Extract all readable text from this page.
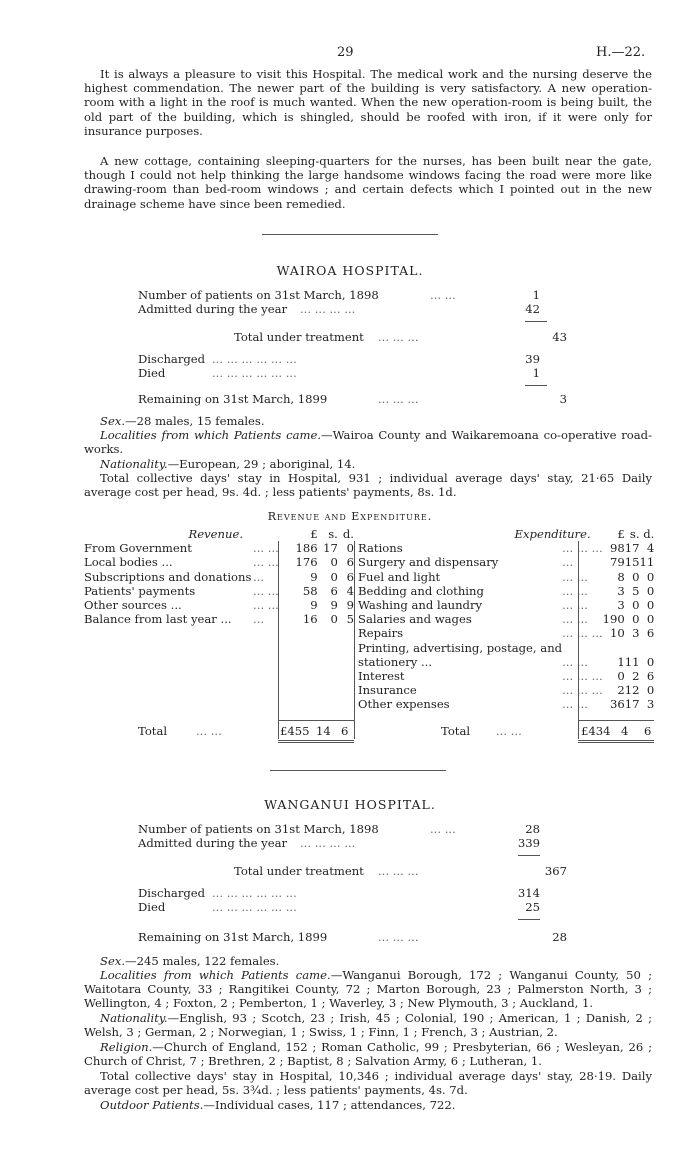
29	H.—22.

It is always a pleasure to visit this Hospital. The medical work and the nursing deserve the highest commendation. The newer part of the building is very satisfactory. A new operation-room with a light in the roof is much wanted. When the new operation-room is being built, the old part of the building, which is shingled, should be roofed with iron, if it were only for insurance purposes.

A new cottage, containing sleeping-quarters for the nurses, has been built near the gate, though I could not help thinking the large handsome windows facing the road were more like drawing-room than bed-room windows ; and certain defects which I pointed out in the new drainage scheme have since been remedied.

WAIROA HOSPITAL.
Number of patients on 31st March, 1898	... ...	1
Admitted during the year ... ... ... ...	42
Total under treatment ... ... ...	43
Discharged ... ... ... ... ... ...	39
Died	... ... ... ... ... ...	1
Remaining on 31st March, 1899	... ... ...	3

Sex.—28 males, 15 females.

Localities from which Patients came.—Wairoa County and Waikaremoana co-operative road-works.

Nationality.—European, 29 ; aboriginal, 14.

Total collective days' stay in Hospital, 931 ; individual average days' stay, 21·65 Daily average cost per head, 9s. 4d. ; less patients' payments, 8s. 1d.

Revenue and Expenditure.
Revenue.		£	s.	d.
From Government	... ...	186	17	0
Local bodies ...	... ...	176	0	6
Subscriptions and donations	...	9	0	6
Patients' payments	... ...	58	6	4
Other sources ...	... ...	9	9	9
Balance from last year ...	...	16	0	5
Expenditure.		£	s.	d.
Rations	... ... ...	98	17	4
Surgery and dispensary	...	79	15	11
Fuel and light	... ...	8	0	0
Bedding and clothing	... ...	3	5	0
Washing and laundry	... ...	3	0	0
Salaries and wages	... ...	190	0	0
Repairs	... ... ...	10	3	6
Printing, advertising, postage, and				
stationery ...	... ...	1	11	0
Interest	... ... ...	0	2	6
Insurance	... ... ...	2	12	0
Other expenses	... ...	36	17	3
Total ... ...	£455 14 6	Total ... ...	£434 4 6
WANGANUI HOSPITAL.
Number of patients on 31st March, 1898	... ...	28
Admitted during the year ... ... ... ...	339
Total under treatment ... ... ...	367
Discharged ... ... ... ... ... ...	314
Died	... ... ... ... ... ...	25
Remaining on 31st March, 1899	... ... ...	28

Sex.—245 males, 122 females.

Localities from which Patients came.—Wanganui Borough, 172 ; Wanganui County, 50 ; Waitotara County, 33 ; Rangitikei County, 72 ; Marton Borough, 23 ; Palmerston North, 3 ; Wellington, 4 ; Foxton, 2 ; Pemberton, 1 ; Waverley, 3 ; New Plymouth, 3 ; Auckland, 1.

Nationality.—English, 93 ; Scotch, 23 ; Irish, 45 ; Colonial, 190 ; American, 1 ; Danish, 2 ; Welsh, 3 ; German, 2 ; Norwegian, 1 ; Swiss, 1 ; Finn, 1 ; French, 3 ; Austrian, 2.

Religion.—Church of England, 152 ; Roman Catholic, 99 ; Presbyterian, 66 ; Wesleyan, 26 ; Church of Christ, 7 ; Brethren, 2 ; Baptist, 8 ; Salvation Army, 6 ; Lutheran, 1.

Total collective days' stay in Hospital, 10,346 ; individual average days' stay, 28·19. Daily average cost per head, 5s. 3¾d. ; less patients' payments, 4s. 7d.

Outdoor Patients.—Individual cases, 117 ; attendances, 722.
